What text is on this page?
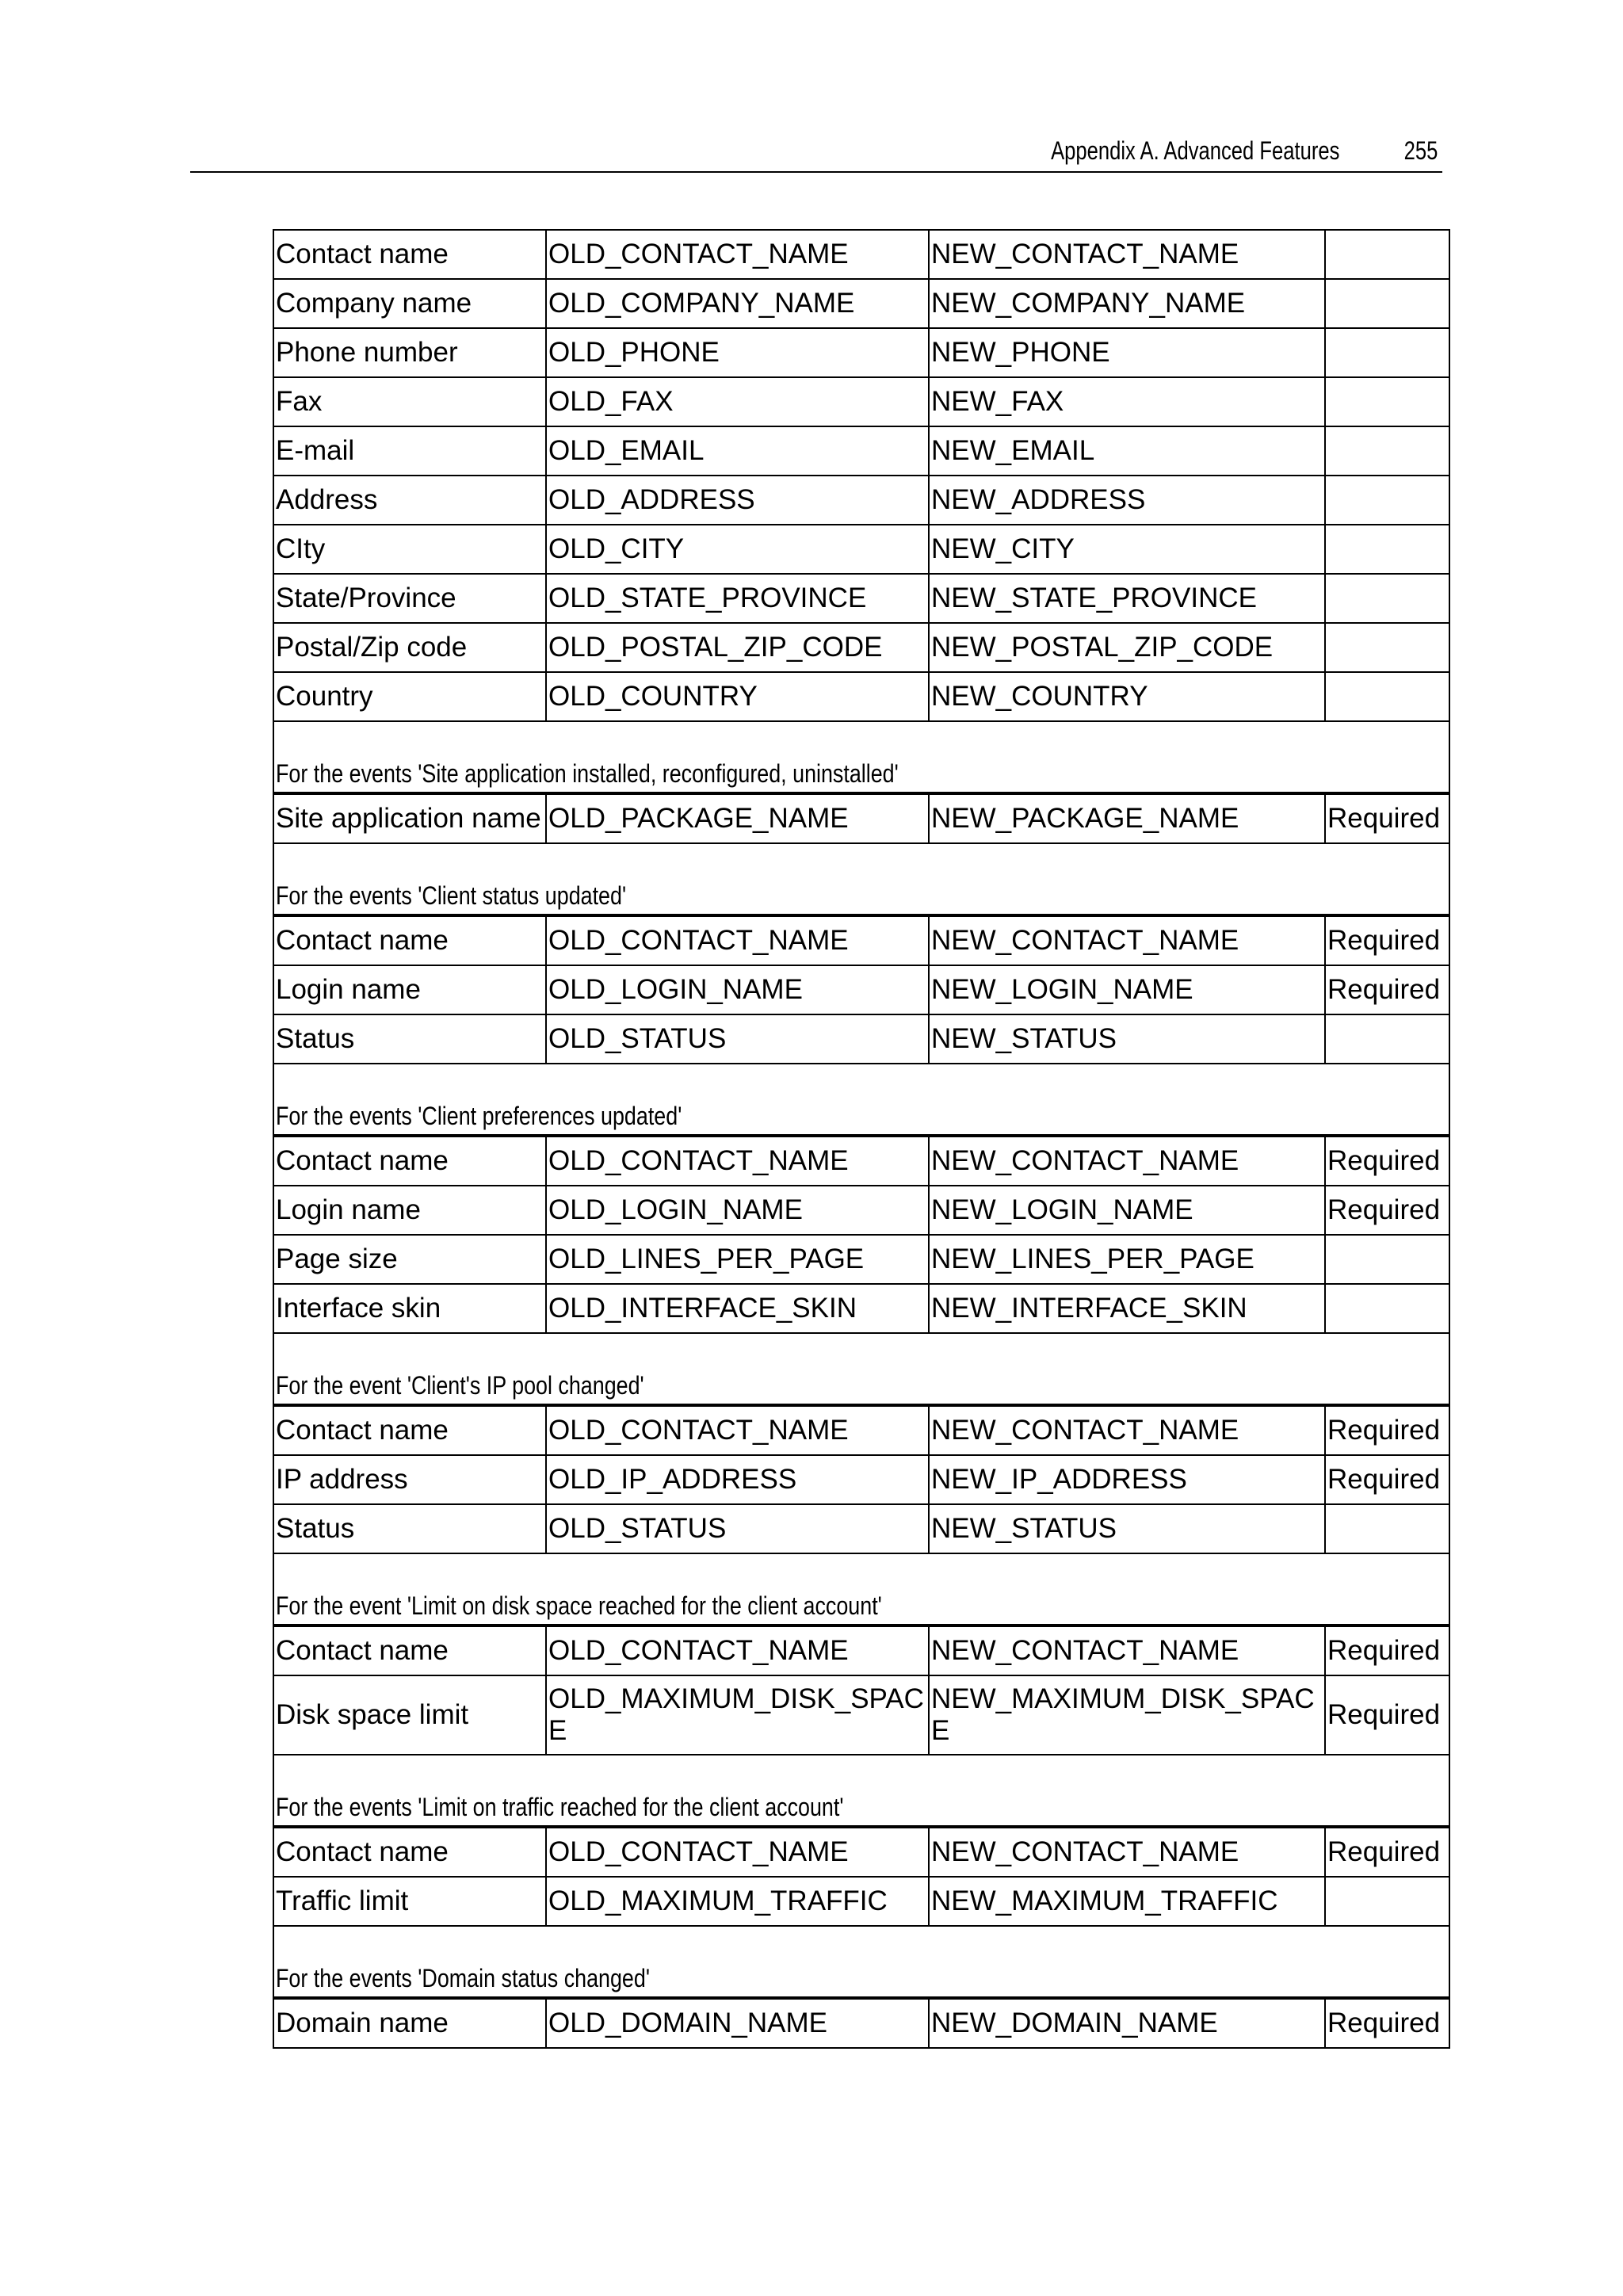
Appendix A. Advanced Features	255
Contact name	OLD_CONTACT_NAME	NEW_CONTACT_NAME	
Company name	OLD_COMPANY_NAME	NEW_COMPANY_NAME	
Phone number	OLD_PHONE	NEW_PHONE	
Fax	OLD_FAX	NEW_FAX	
E-mail	OLD_EMAIL	NEW_EMAIL	
Address	OLD_ADDRESS	NEW_ADDRESS	
CIty	OLD_CITY	NEW_CITY	
State/Province	OLD_STATE_PROVINCE	NEW_STATE_PROVINCE	
Postal/Zip code	OLD_POSTAL_ZIP_CODE	NEW_POSTAL_ZIP_CODE	
Country	OLD_COUNTRY	NEW_COUNTRY	
For the events 'Site application installed, reconfigured, uninstalled'			
Site application name	OLD_PACKAGE_NAME	NEW_PACKAGE_NAME	Required
For the events 'Client status updated'			
Contact name	OLD_CONTACT_NAME	NEW_CONTACT_NAME	Required
Login name	OLD_LOGIN_NAME	NEW_LOGIN_NAME	Required
Status	OLD_STATUS	NEW_STATUS	
For the events 'Client preferences updated'			
Contact name	OLD_CONTACT_NAME	NEW_CONTACT_NAME	Required
Login name	OLD_LOGIN_NAME	NEW_LOGIN_NAME	Required
Page size	OLD_LINES_PER_PAGE	NEW_LINES_PER_PAGE	
Interface skin	OLD_INTERFACE_SKIN	NEW_INTERFACE_SKIN	
For the event 'Client's IP pool changed'			
Contact name	OLD_CONTACT_NAME	NEW_CONTACT_NAME	Required
IP address	OLD_IP_ADDRESS	NEW_IP_ADDRESS	Required
Status	OLD_STATUS	NEW_STATUS	
For the event 'Limit on disk space reached for the client account'			
Contact name	OLD_CONTACT_NAME	NEW_CONTACT_NAME	Required
Disk space limit	OLD_MAXIMUM_DISK_SPACE	NEW_MAXIMUM_DISK_SPACE	Required
For the events 'Limit on traffic reached for the client account'			
Contact name	OLD_CONTACT_NAME	NEW_CONTACT_NAME	Required
Traffic limit	OLD_MAXIMUM_TRAFFIC	NEW_MAXIMUM_TRAFFIC	
For the events 'Domain status changed'			
Domain name	OLD_DOMAIN_NAME	NEW_DOMAIN_NAME	Required
